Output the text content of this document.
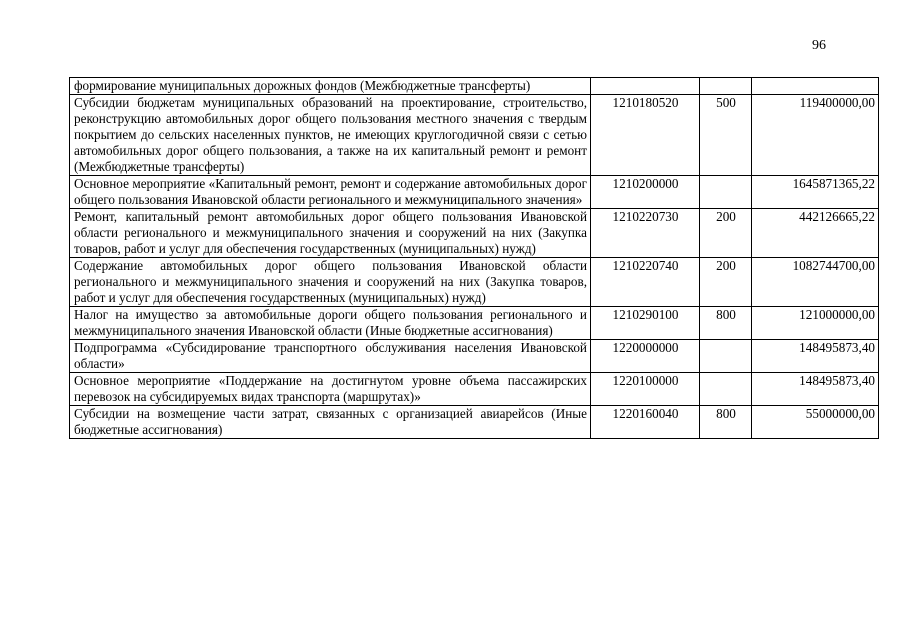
96
формирование муниципальных дорожных фондов (Межбюджетные трансферты)			
Субсидии бюджетам муниципальных образований на проектирование, строительство, реконструкцию автомобильных дорог общего пользования местного значения с твердым покрытием до сельских населенных пунктов, не имеющих круглогодичной связи с сетью автомобильных дорог общего пользования, а также на их капитальный ремонт и ремонт (Межбюджетные трансферты)	1210180520	500	119400000,00
Основное мероприятие «Капитальный ремонт, ремонт и содержание автомобильных дорог общего пользования Ивановской области регионального и межмуниципального значения»	1210200000		1645871365,22
Ремонт, капитальный ремонт автомобильных дорог общего пользования Ивановской области регионального и межмуниципального значения и сооружений на них (Закупка товаров, работ и услуг для обеспечения государственных (муниципальных) нужд)	1210220730	200	442126665,22
Содержание автомобильных дорог общего пользования Ивановской области регионального и межмуниципального значения и сооружений на них (Закупка товаров, работ и услуг для обеспечения государственных (муниципальных) нужд)	1210220740	200	1082744700,00
Налог на имущество за автомобильные дороги общего пользования регионального и межмуниципального значения Ивановской области (Иные бюджетные ассигнования)	1210290100	800	121000000,00
Подпрограмма «Субсидирование транспортного обслуживания населения Ивановской области»	1220000000		148495873,40
Основное мероприятие «Поддержание на достигнутом уровне объема пассажирских перевозок на субсидируемых видах транспорта (маршрутах)»	1220100000		148495873,40
Субсидии на возмещение части затрат, связанных с организацией авиарейсов (Иные бюджетные ассигнования)	1220160040	800	55000000,00
